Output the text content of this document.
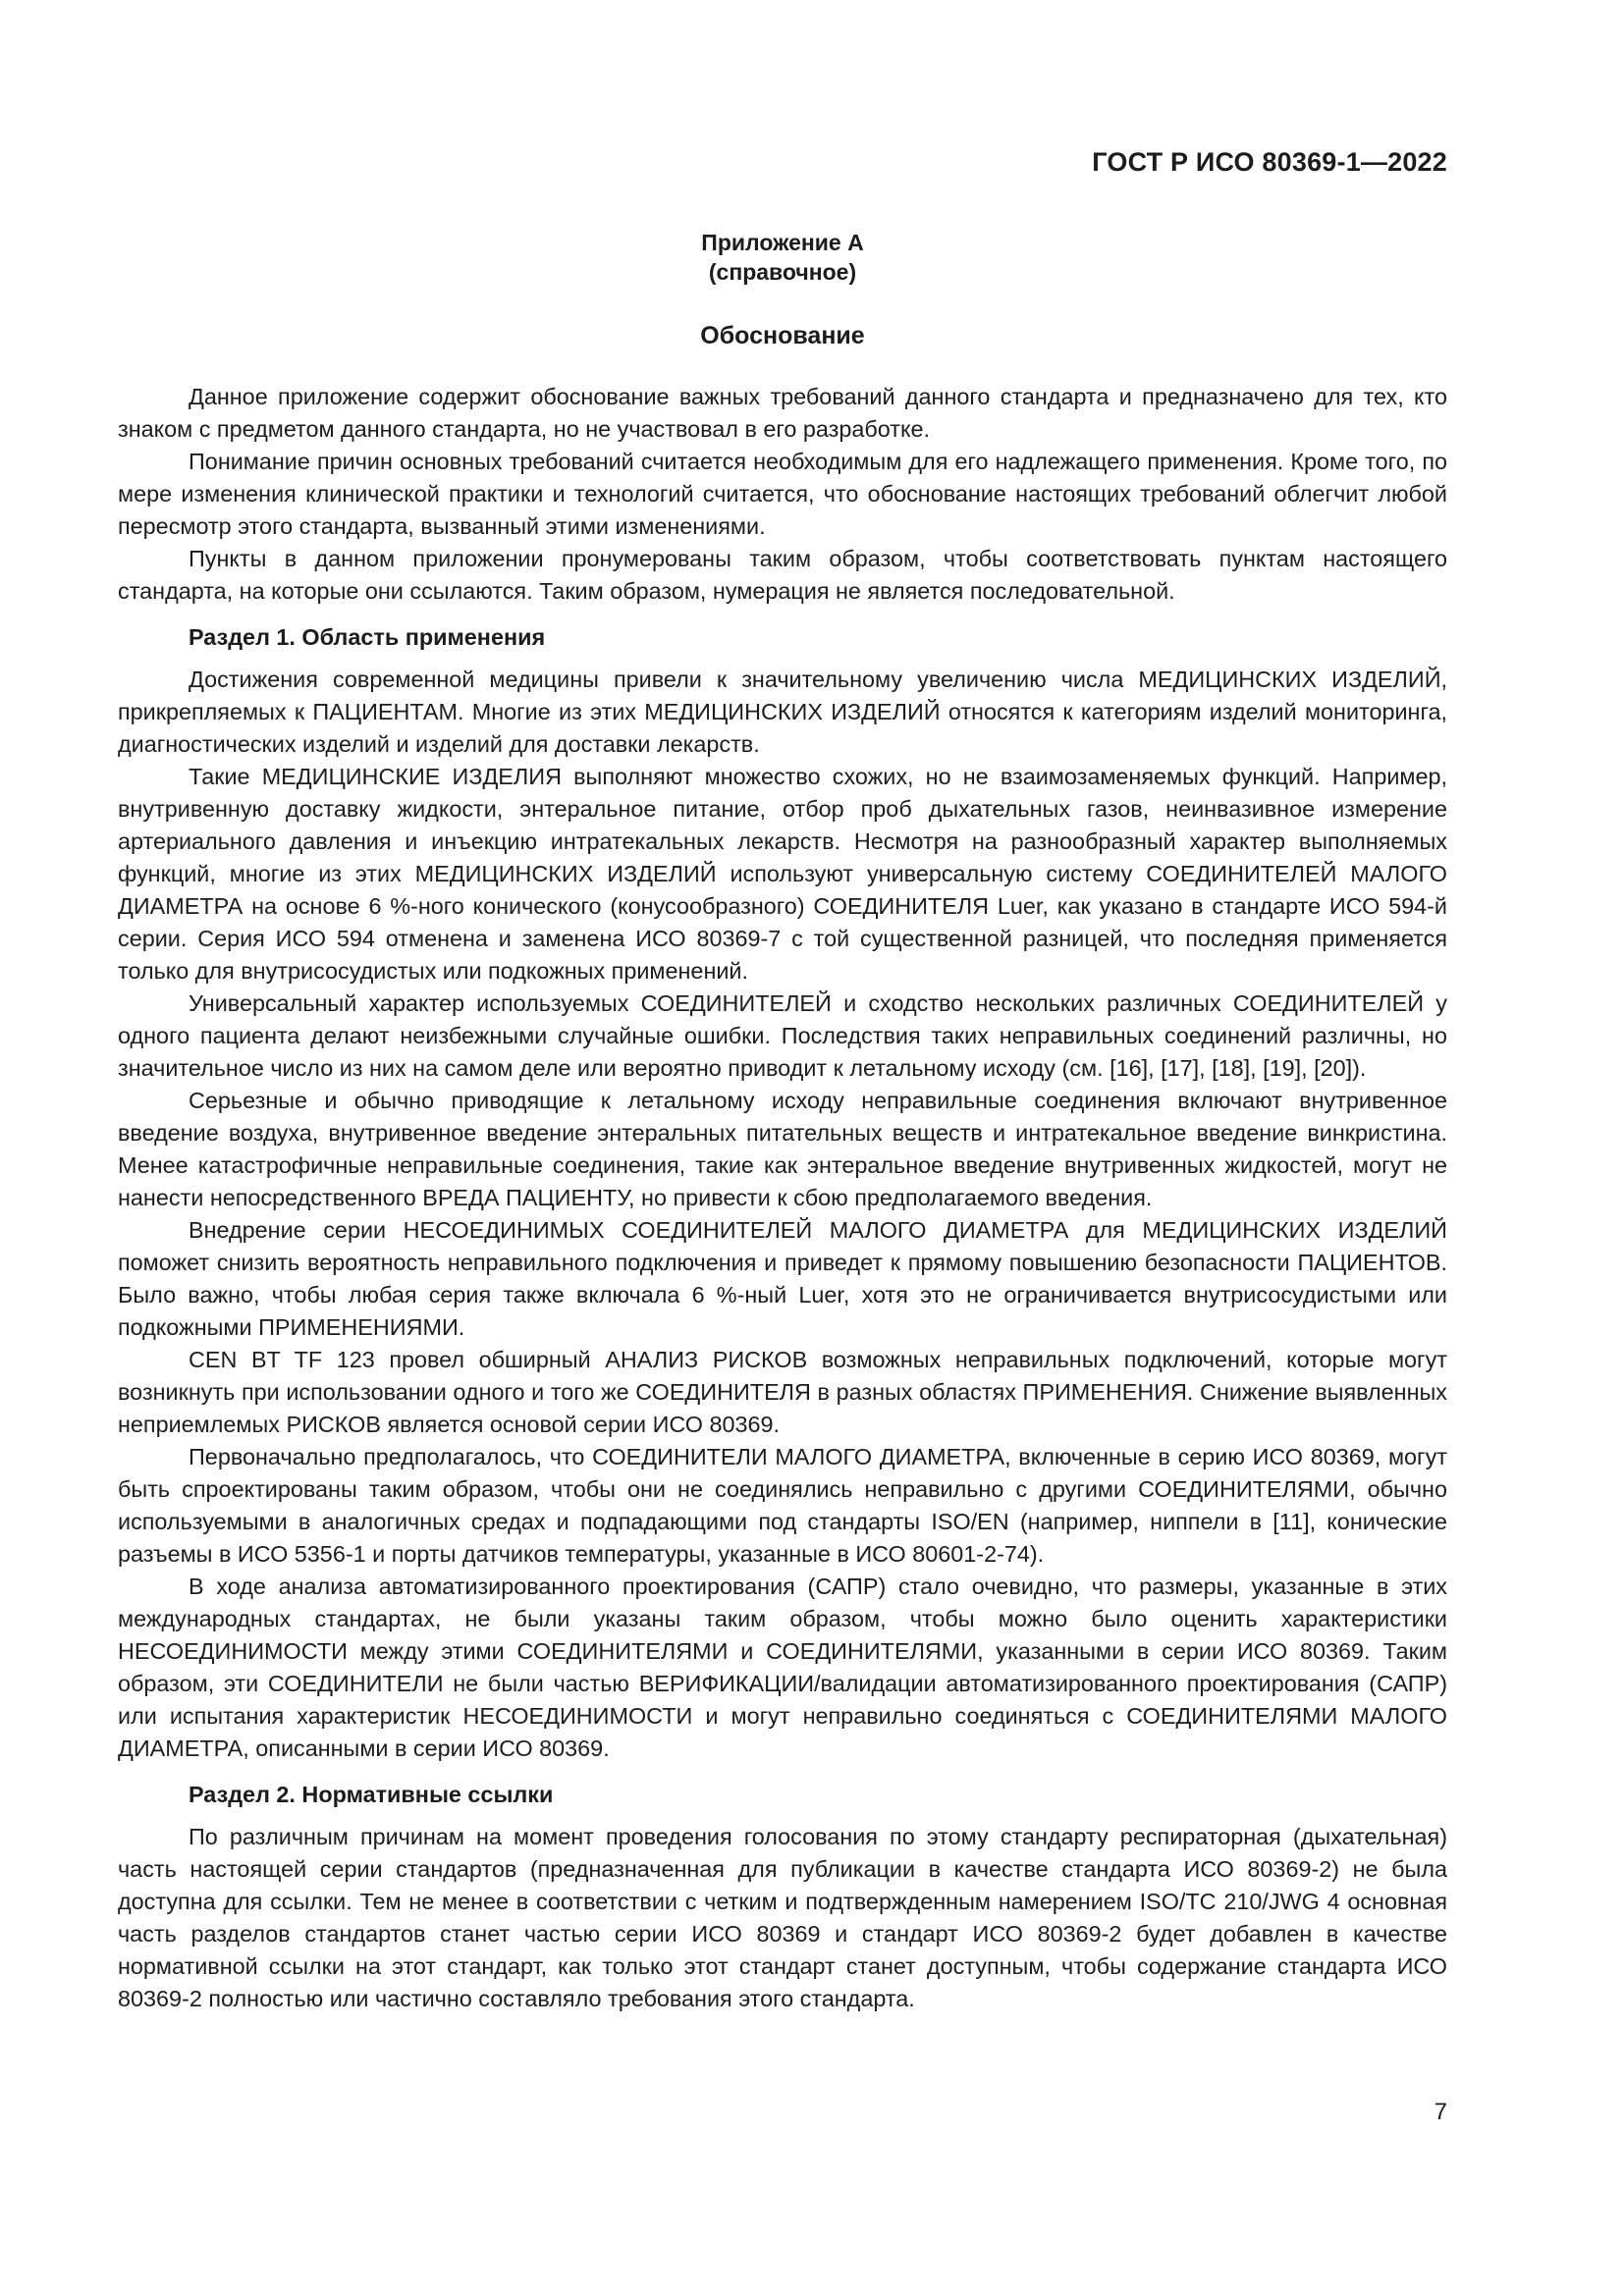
ГОСТ Р ИСО 80369-1—2022
Приложение А
(справочное)
Обоснование

Данное приложение содержит обоснование важных требований данного стандарта и предназначено для тех, кто знаком с предметом данного стандарта, но не участвовал в его разработке.

Понимание причин основных требований считается необходимым для его надлежащего применения. Кроме того, по мере изменения клинической практики и технологий считается, что обоснование настоящих требований облегчит любой пересмотр этого стандарта, вызванный этими изменениями.

Пункты в данном приложении пронумерованы таким образом, чтобы соответствовать пунктам настоящего стандарта, на которые они ссылаются. Таким образом, нумерация не является последовательной.

Раздел 1. Область применения

Достижения современной медицины привели к значительному увеличению числа МЕДИЦИНСКИХ ИЗДЕЛИЙ, прикрепляемых к ПАЦИЕНТАМ. Многие из этих МЕДИЦИНСКИХ ИЗДЕЛИЙ относятся к категориям изделий мониторинга, диагностических изделий и изделий для доставки лекарств.

Такие МЕДИЦИНСКИЕ ИЗДЕЛИЯ выполняют множество схожих, но не взаимозаменяемых функций. Например, внутривенную доставку жидкости, энтеральное питание, отбор проб дыхательных газов, неинвазивное измерение артериального давления и инъекцию интратекальных лекарств. Несмотря на разнообразный характер выполняемых функций, многие из этих МЕДИЦИНСКИХ ИЗДЕЛИЙ используют универсальную систему СОЕДИНИТЕЛЕЙ МАЛОГО ДИАМЕТРА на основе 6 %-ного конического (конусообразного) СОЕДИНИТЕЛЯ Luer, как указано в стандарте ИСО 594-й серии. Серия ИСО 594 отменена и заменена ИСО 80369-7 с той существенной разницей, что последняя применяется только для внутрисосудистых или подкожных применений.

Универсальный характер используемых СОЕДИНИТЕЛЕЙ и сходство нескольких различных СОЕДИНИТЕЛЕЙ у одного пациента делают неизбежными случайные ошибки. Последствия таких неправильных соединений различны, но значительное число из них на самом деле или вероятно приводит к летальному исходу (см. [16], [17], [18], [19], [20]).

Серьезные и обычно приводящие к летальному исходу неправильные соединения включают внутривенное введение воздуха, внутривенное введение энтеральных питательных веществ и интратекальное введение винкристина. Менее катастрофичные неправильные соединения, такие как энтеральное введение внутривенных жидкостей, могут не нанести непосредственного ВРЕДА ПАЦИЕНТУ, но привести к сбою предполагаемого введения.

Внедрение серии НЕСОЕДИНИМЫХ СОЕДИНИТЕЛЕЙ МАЛОГО ДИАМЕТРА для МЕДИЦИНСКИХ ИЗДЕЛИЙ поможет снизить вероятность неправильного подключения и приведет к прямому повышению безопасности ПАЦИЕНТОВ. Было важно, чтобы любая серия также включала 6 %-ный Luer, хотя это не ограничивается внутрисосудистыми или подкожными ПРИМЕНЕНИЯМИ.

CEN BT TF 123 провел обширный АНАЛИЗ РИСКОВ возможных неправильных подключений, которые могут возникнуть при использовании одного и того же СОЕДИНИТЕЛЯ в разных областях ПРИМЕНЕНИЯ. Снижение выявленных неприемлемых РИСКОВ является основой серии ИСО 80369.

Первоначально предполагалось, что СОЕДИНИТЕЛИ МАЛОГО ДИАМЕТРА, включенные в серию ИСО 80369, могут быть спроектированы таким образом, чтобы они не соединялись неправильно с другими СОЕДИНИТЕЛЯМИ, обычно используемыми в аналогичных средах и подпадающими под стандарты ISO/EN (например, ниппели в [11], конические разъемы в ИСО 5356-1 и порты датчиков температуры, указанные в ИСО 80601-2-74).

В ходе анализа автоматизированного проектирования (САПР) стало очевидно, что размеры, указанные в этих международных стандартах, не были указаны таким образом, чтобы можно было оценить характеристики НЕСОЕДИНИМОСТИ между этими СОЕДИНИТЕЛЯМИ и СОЕДИНИТЕЛЯМИ, указанными в серии ИСО 80369. Таким образом, эти СОЕДИНИТЕЛИ не были частью ВЕРИФИКАЦИИ/валидации автоматизированного проектирования (САПР) или испытания характеристик НЕСОЕДИНИМОСТИ и могут неправильно соединяться с СОЕДИНИТЕЛЯМИ МАЛОГО ДИАМЕТРА, описанными в серии ИСО 80369.

Раздел 2. Нормативные ссылки

По различным причинам на момент проведения голосования по этому стандарту респираторная (дыхательная) часть настоящей серии стандартов (предназначенная для публикации в качестве стандарта ИСО 80369-2) не была доступна для ссылки. Тем не менее в соответствии с четким и подтвержденным намерением ISO/TC 210/JWG 4 основная часть разделов стандартов станет частью серии ИСО 80369 и стандарт ИСО 80369-2 будет добавлен в качестве нормативной ссылки на этот стандарт, как только этот стандарт станет доступным, чтобы содержание стандарта ИСО 80369-2 полностью или частично составляло требования этого стандарта.

7
